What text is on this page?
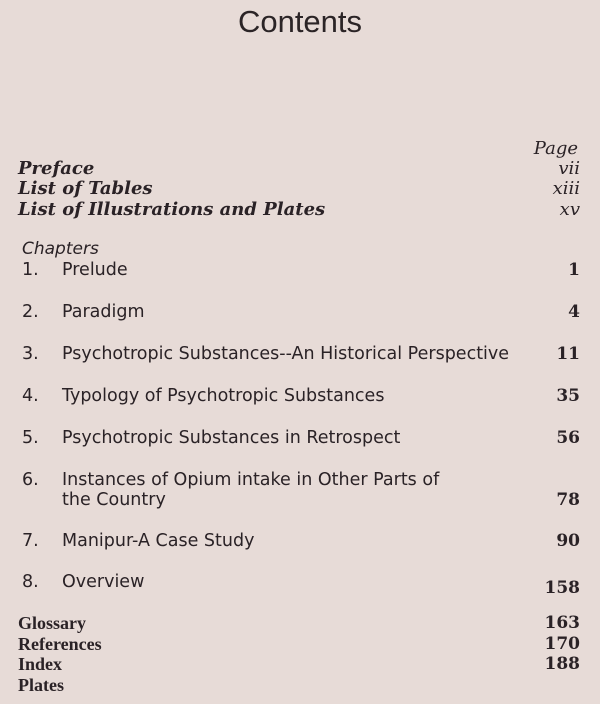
Contents
Page
Preface	vii
List of Tables	xiii
List of Illustrations and Plates	xv
Chapters
1. Prelude	1
2. Paradigm	4
3. Psychotropic Substances--An Historical Perspective	11
4. Typology of Psychotropic Substances	35
5. Psychotropic Substances in Retrospect	56
6. Instances of Opium intake in Other Parts of
the Country	78
7. Manipur-A Case Study	90
8. Overview	158
Glossary	163
References	170
Index	188
Plates
